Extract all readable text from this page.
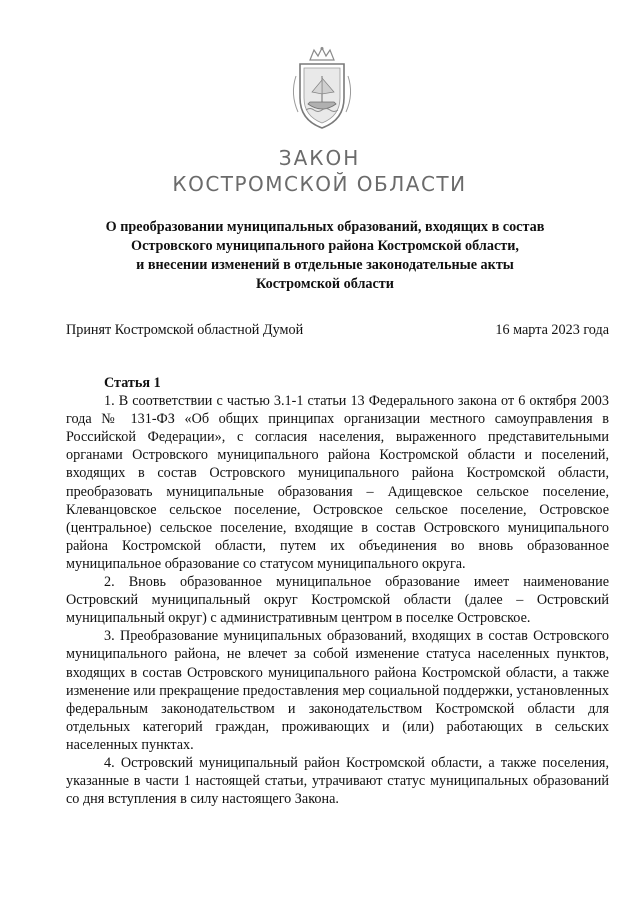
ЗАКОН
КОСТРОМСКОЙ ОБЛАСТИ
О преобразовании муниципальных образований, входящих в состав
Островского муниципального района Костромской области,
и внесении изменений в отдельные законодательные акты
Костромской области
Принят Костромской областной Думой	16 марта 2023 года
Статья 1

1. В соответствии с частью 3.1-1 статьи 13 Федерального закона от 6 октября 2003 года № 131-ФЗ «Об общих принципах организации местного самоуправления в Российской Федерации», с согласия населения, выраженного представительными органами Островского муниципального района Костромской области и поселений, входящих в состав Островского муниципального района Костромской области, преобразовать муниципальные образования – Адищевское сельское поселение, Клеванцовское сельское поселение, Островское сельское поселение, Островское (центральное) сельское поселение, входящие в состав Островского муниципального района Костромской области, путем их объединения во вновь образованное муниципальное образование со статусом муниципального округа.

2. Вновь образованное муниципальное образование имеет наименование Островский муниципальный округ Костромской области (далее – Островский муниципальный округ) с административным центром в поселке Островское.

3. Преобразование муниципальных образований, входящих в состав Островского муниципального района, не влечет за собой изменение статуса населенных пунктов, входящих в состав Островского муниципального района Костромской области, а также изменение или прекращение предоставления мер социальной поддержки, установленных федеральным законодательством и законодательством Костромской области для отдельных категорий граждан, проживающих и (или) работающих в сельских населенных пунктах.

4. Островский муниципальный район Костромской области, а также поселения, указанные в части 1 настоящей статьи, утрачивают статус муниципальных образований со дня вступления в силу настоящего Закона.
